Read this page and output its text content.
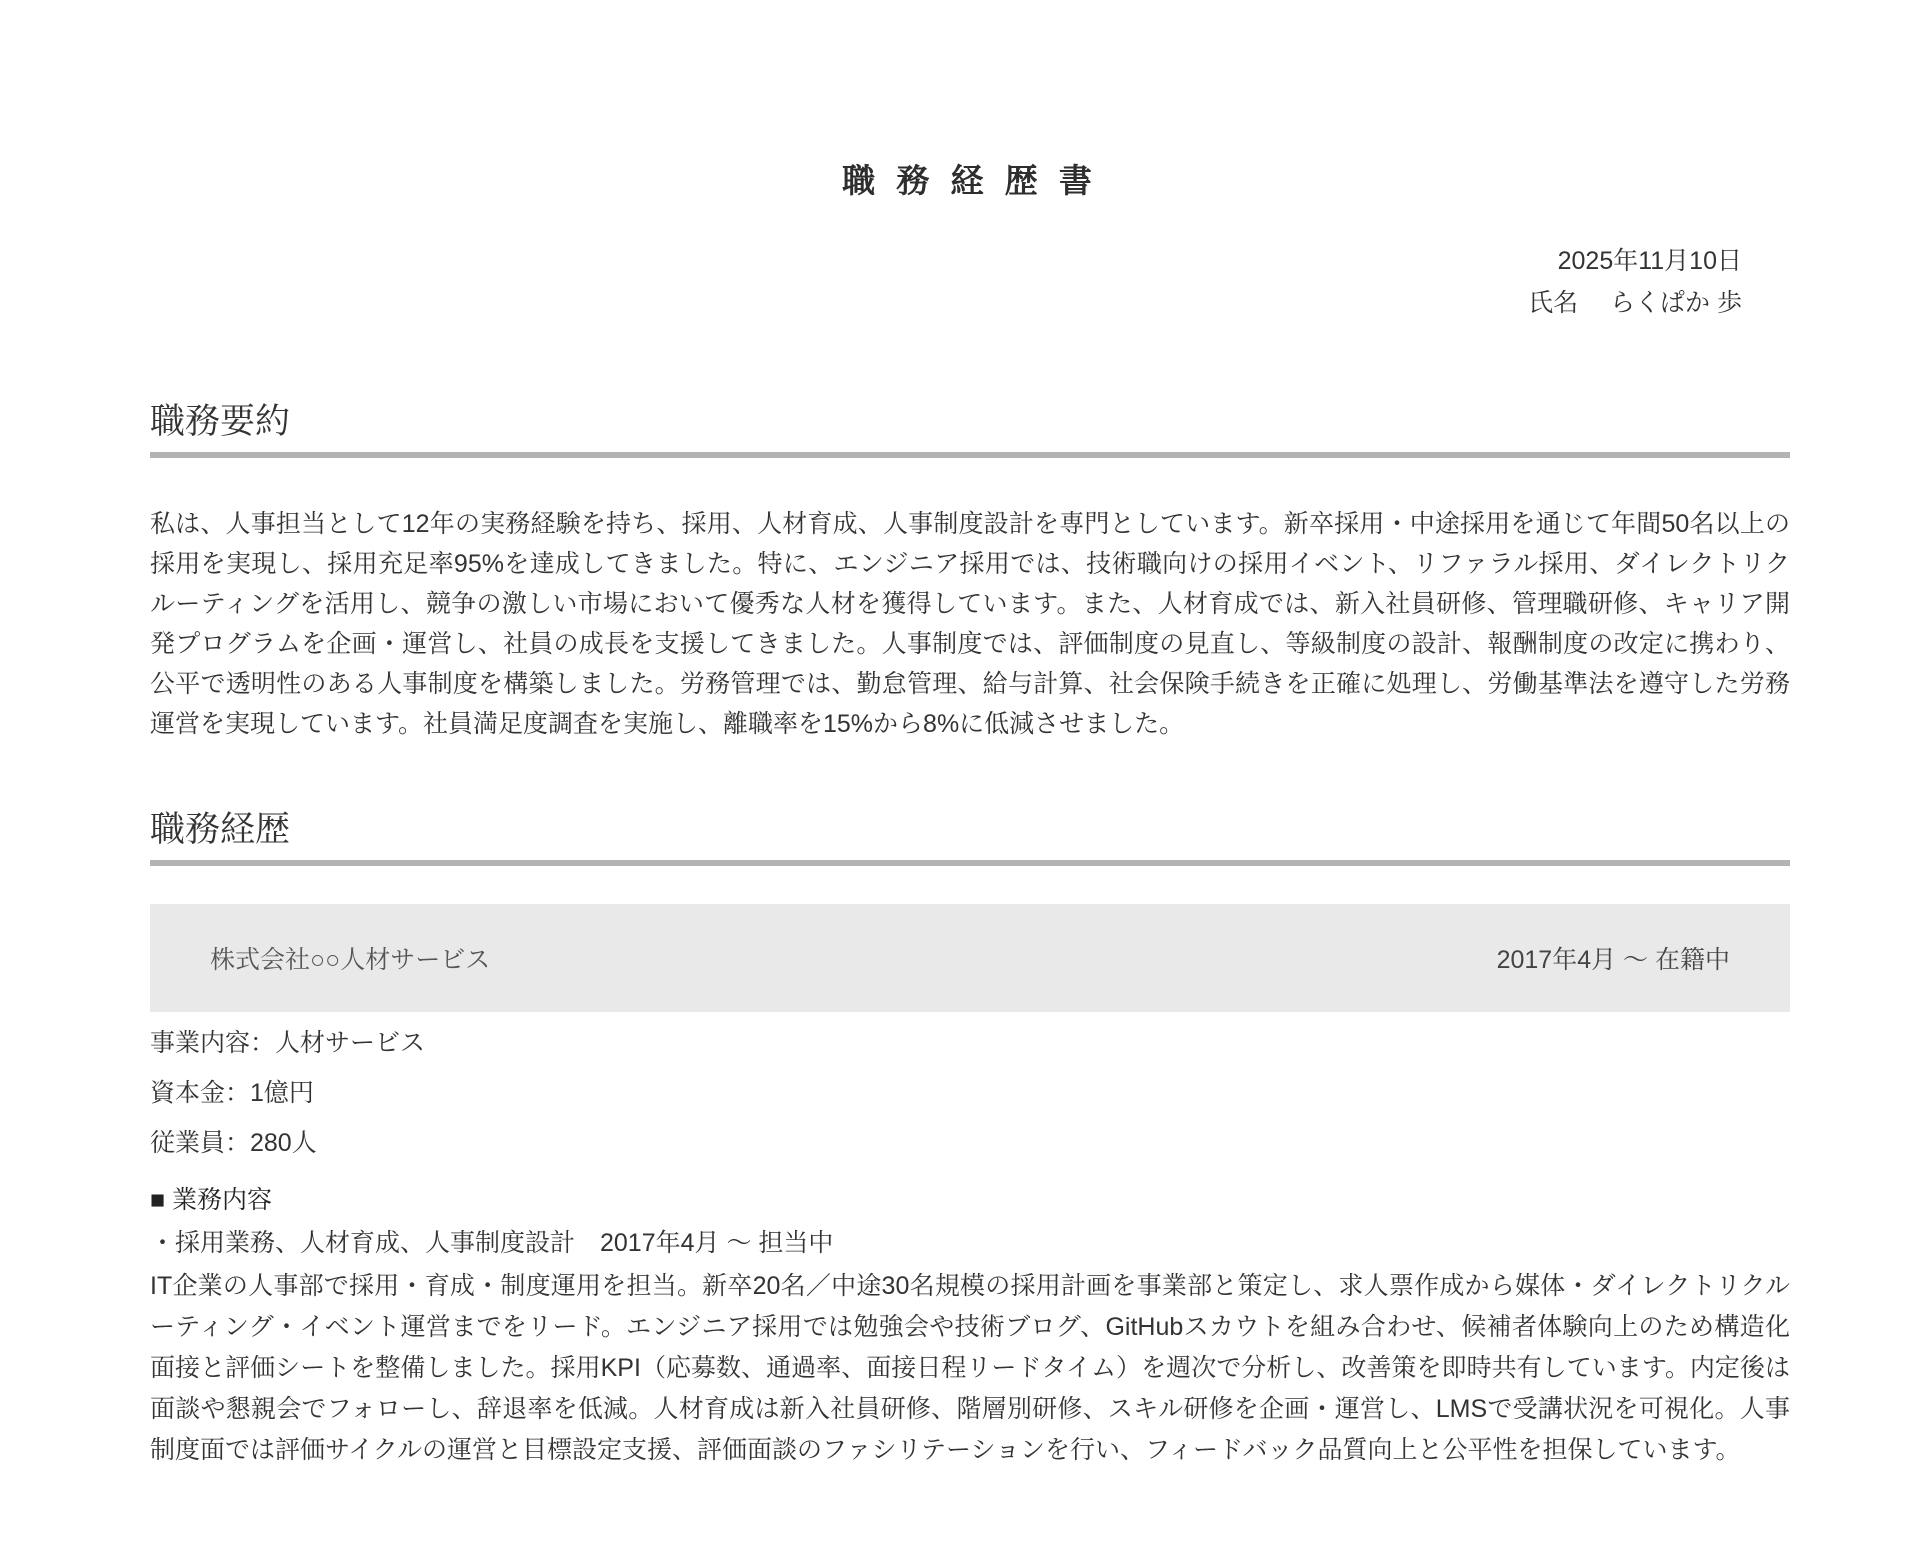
職 務 経 歴 書
2025年11月10日
氏名　 らくぱか 歩
職務要約

私は、人事担当として12年の実務経験を持ち、採用、人材育成、人事制度設計を専門としています。新卒採用・中途採用を通じて年間50名以上の採用を実現し、採用充足率95%を達成してきました。特に、エンジニア採用では、技術職向けの採用イベント、リファラル採用、ダイレクトリクルーティングを活用し、競争の激しい市場において優秀な人材を獲得しています。また、人材育成では、新入社員研修、管理職研修、キャリア開発プログラムを企画・運営し、社員の成長を支援してきました。人事制度では、評価制度の見直し、等級制度の設計、報酬制度の改定に携わり、公平で透明性のある人事制度を構築しました。労務管理では、勤怠管理、給与計算、社会保険手続きを正確に処理し、労働基準法を遵守した労務運営を実現しています。社員満足度調査を実施し、離職率を15%から8%に低減させました。

職務経歴
株式会社○○人材サービス	2017年4月 ～ 在籍中
事業内容：人材サービス
資本金：1億円
従業員：280人
■ 業務内容
・採用業務、人材育成、人事制度設計　2017年4月 ～ 担当中

IT企業の人事部で採用・育成・制度運用を担当。新卒20名／中途30名規模の採用計画を事業部と策定し、求人票作成から媒体・ダイレクトリクルーティング・イベント運営までをリード。エンジニア採用では勉強会や技術ブログ、GitHubスカウトを組み合わせ、候補者体験向上のため構造化面接と評価シートを整備しました。採用KPI（応募数、通過率、面接日程リードタイム）を週次で分析し、改善策を即時共有しています。内定後は面談や懇親会でフォローし、辞退率を低減。人材育成は新入社員研修、階層別研修、スキル研修を企画・運営し、LMSで受講状況を可視化。人事制度面では評価サイクルの運営と目標設定支援、評価面談のファシリテーションを行い、フィードバック品質向上と公平性を担保しています。
